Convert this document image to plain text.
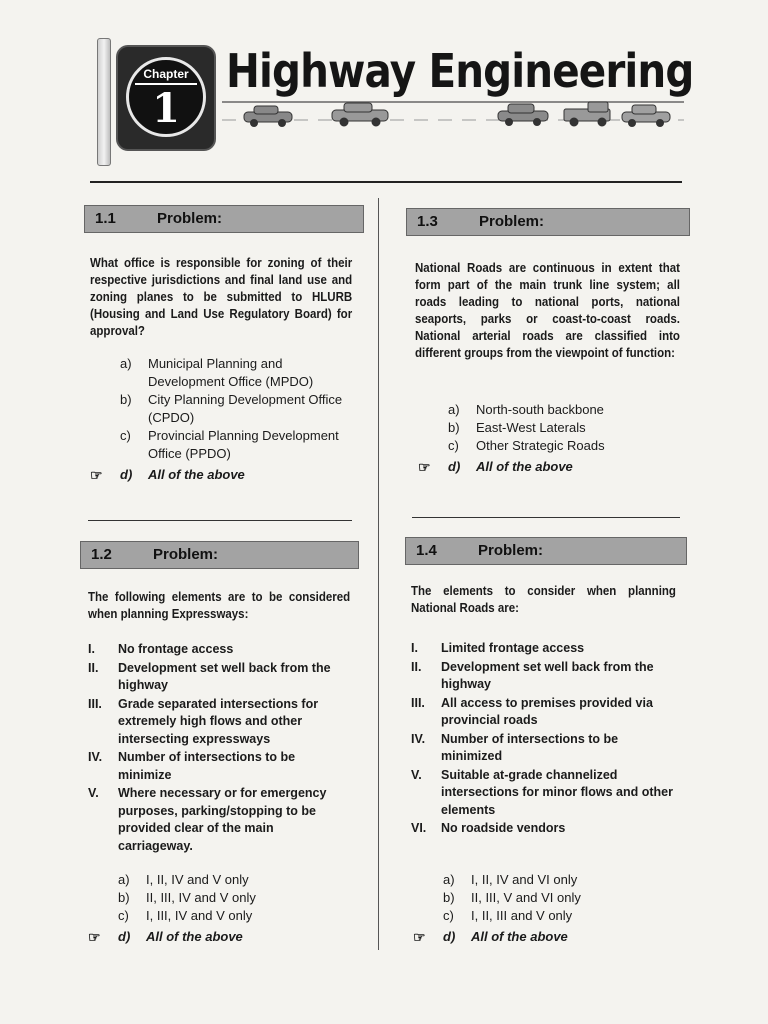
Chapter
1
Highway Engineering
1.1	Problem:
What office is responsible for zoning of their respective jurisdictions and final land use and zoning planes to be submitted to HLURB (Housing and Land Use Regulatory Board) for approval?
a) Municipal Planning and Development Office (MPDO)
b) City Planning Development Office (CPDO)
c) Provincial Planning Development Office (PPDO)
☞ d) All of the above
1.3	Problem:
National Roads are continuous in extent that form part of the main trunk line system; all roads leading to national ports, national seaports, parks or coast-to-coast roads. National arterial roads are classified into different groups from the viewpoint of function:
a) North-south backbone
b) East-West Laterals
c) Other Strategic Roads
☞ d) All of the above
1.2	Problem:
The following elements are to be considered when planning Expressways:
I. No frontage access
II. Development set well back from the highway
III. Grade separated intersections for extremely high flows and other intersecting expressways
IV. Number of intersections to be minimize
V. Where necessary or for emergency purposes, parking/stopping to be provided clear of the main carriageway.
a) I, II, IV and V only
b) II, III, IV and V only
c) I, III, IV and V only
☞ d) All of the above
1.4	Problem:
The elements to consider when planning National Roads are:
I. Limited frontage access
II. Development set well back from the highway
III. All access to premises provided via provincial roads
IV. Number of intersections to be minimized
V. Suitable at-grade channelized intersections for minor flows and other elements
VI. No roadside vendors
a) I, II, IV and VI only
b) II, III, V and VI only
c) I, II, III and V only
☞ d) All of the above
